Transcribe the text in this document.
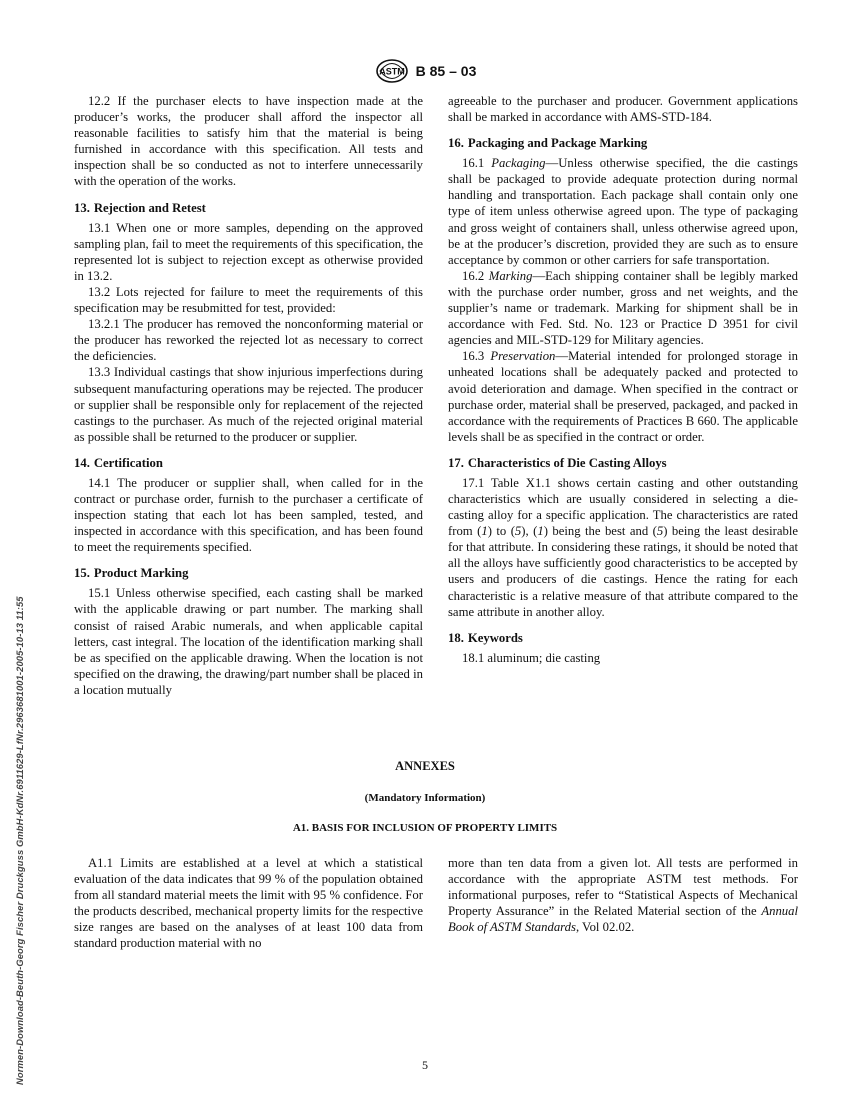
ASTM B 85 – 03

12.2 If the purchaser elects to have inspection made at the producer’s works, the producer shall afford the inspector all reasonable facilities to satisfy him that the material is being furnished in accordance with this specification. All tests and inspection shall be so conducted as not to interfere unnecessarily with the operation of the works.

13. Rejection and Retest

13.1 When one or more samples, depending on the approved sampling plan, fail to meet the requirements of this specification, the represented lot is subject to rejection except as otherwise provided in 13.2.

13.2 Lots rejected for failure to meet the requirements of this specification may be resubmitted for test, provided:

13.2.1 The producer has removed the nonconforming material or the producer has reworked the rejected lot as necessary to correct the deficiencies.

13.3 Individual castings that show injurious imperfections during subsequent manufacturing operations may be rejected. The producer or supplier shall be responsible only for replacement of the rejected castings to the purchaser. As much of the rejected original material as possible shall be returned to the producer or supplier.

14. Certification

14.1 The producer or supplier shall, when called for in the contract or purchase order, furnish to the purchaser a certificate of inspection stating that each lot has been sampled, tested, and inspected in accordance with this specification, and has been found to meet the requirements specified.

15. Product Marking

15.1 Unless otherwise specified, each casting shall be marked with the applicable drawing or part number. The marking shall consist of raised Arabic numerals, and when applicable capital letters, cast integral. The location of the identification marking shall be as specified on the applicable drawing. When the location is not specified on the drawing, the drawing/part number shall be placed in a location mutually

agreeable to the purchaser and producer. Government applications shall be marked in accordance with AMS-STD-184.

16. Packaging and Package Marking

16.1 Packaging—Unless otherwise specified, the die castings shall be packaged to provide adequate protection during normal handling and transportation. Each package shall contain only one type of item unless otherwise agreed upon. The type of packaging and gross weight of containers shall, unless otherwise agreed upon, be at the producer’s discretion, provided they are such as to ensure acceptance by common or other carriers for safe transportation.

16.2 Marking—Each shipping container shall be legibly marked with the purchase order number, gross and net weights, and the supplier’s name or trademark. Marking for shipment shall be in accordance with Fed. Std. No. 123 or Practice D 3951 for civil agencies and MIL-STD-129 for Military agencies.

16.3 Preservation—Material intended for prolonged storage in unheated locations shall be adequately packed and protected to avoid deterioration and damage. When specified in the contract or purchase order, material shall be preserved, packaged, and packed in accordance with the requirements of Practices B 660. The applicable levels shall be as specified in the contract or order.

17. Characteristics of Die Casting Alloys

17.1 Table X1.1 shows certain casting and other outstanding characteristics which are usually considered in selecting a die-casting alloy for a specific application. The characteristics are rated from (1) to (5), (1) being the best and (5) being the least desirable for that attribute. In considering these ratings, it should be noted that all the alloys have sufficiently good characteristics to be accepted by users and producers of die castings. Hence the rating for each characteristic is a relative measure of that attribute compared to the same attribute in another alloy.

18. Keywords

18.1 aluminum; die casting

ANNEXES
(Mandatory Information)
A1. BASIS FOR INCLUSION OF PROPERTY LIMITS

A1.1 Limits are established at a level at which a statistical evaluation of the data indicates that 99 % of the population obtained from all standard material meets the limit with 95 % confidence. For the products described, mechanical property limits for the respective size ranges are based on the analyses of at least 100 data from standard production material with no

more than ten data from a given lot. All tests are performed in accordance with the appropriate ASTM test methods. For informational purposes, refer to “Statistical Aspects of Mechanical Property Assurance” in the Related Material section of the Annual Book of ASTM Standards, Vol 02.02.

5
Normen-Download-Beuth-Georg Fischer Druckguss GmbH-KdNr.6911629-LfNr.2963681001-2005-10-13 11:55
